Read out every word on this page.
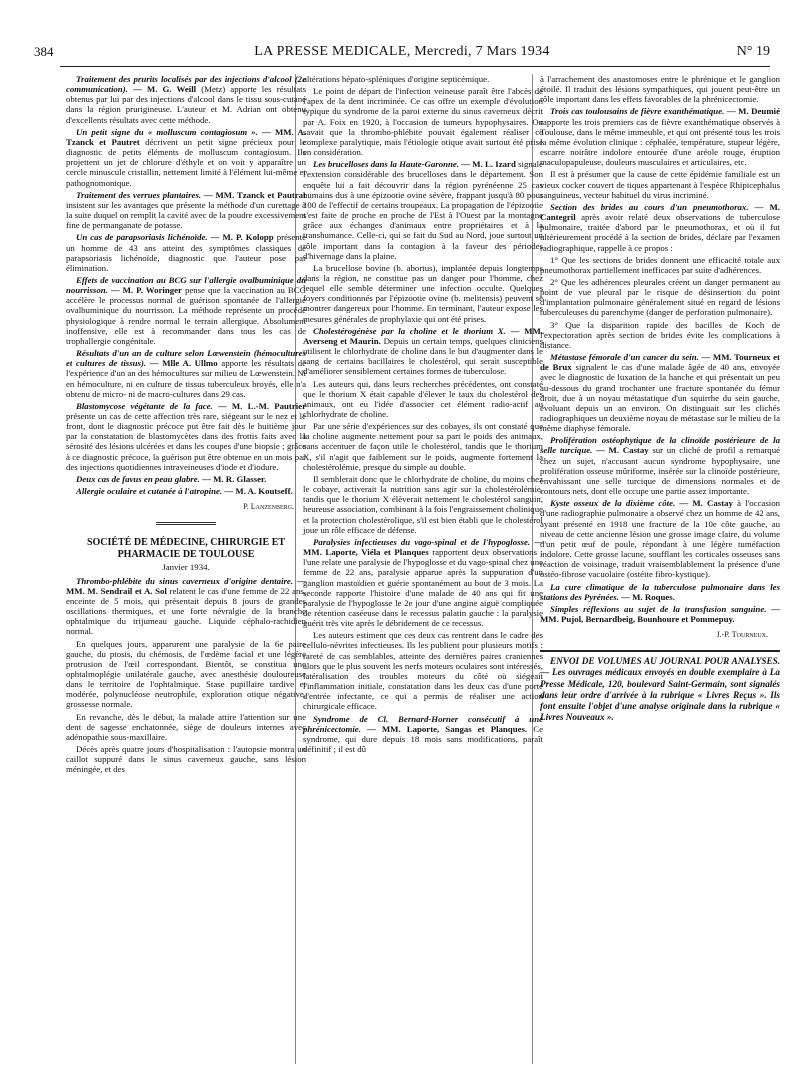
384	LA PRESSE MEDICALE, Mercredi, 7 Mars 1934	N° 19

Traitement des prurits localisés par des injections d'alcool (2e communication). — M. G. Weill (Metz) apporte les résultats obtenus par lui par des injections d'alcool dans le tissu sous-cutané dans la région prurigineuse. L'auteur et M. Adrian ont obtenu d'excellents résultats avec cette méthode.

Un petit signe du « molluscum contagiosum ». — MM. A. Tzanck et Pautret décrivent un petit signe précieux pour le diagnostic de petits éléments de molluscum contagiosum. Ils projettent un jet de chlorure d'éthyle et on voit y apparaître un cercle minuscule cristallin, nettement limité à l'élément lui-même et pathognomonique.

Traitement des verrues plantaires. — MM. Tzanck et Pautrat insistent sur les avantages que présente la méthode d'un curettage à la suite duquel on remplit la cavité avec de la poudre excessivement fine de permanganate de potasse.

Un cas de parapsoriasis lichénoïde. — M. P. Kolopp présente un homme de 43 ans atteint des symptômes classiques de parapsoriasis lichénoïde, diagnostic que l'auteur pose par élimination.

Effets de vaccination au BCG sur l'allergie ovalbuminique du nourrisson. — M. P. Woringer pense que la vaccination au BCG accélère le processus normal de guérison spontanée de l'allergie ovalbuminique du nourrisson. La méthode représente un procédé physiologique à rendre normal le terrain allergique. Absolument inoffensive, elle est à recommander dans tous les cas de trophallergie congénitale.

Résultats d'un an de culture selon Lœwenstein (hémocultures et cultures de tissus). — Mlle A. Ullmo apporte les résultats de l'expérience d'un an des hémocultures sur milieu de Lœwenstein. Ni en hémoculture, ni en culture de tissus tuberculeux broyés, elle n'a obtenu de micro- ni de macro-cultures dans 29 cas.

Blastomycose végétante de la face. — M. L.-M. Pautrier présente un cas de cette affection très rare, siégeant sur le nez et le front, dont le diagnostic précoce put être fait dès le huitième jour par la constatation de blastomycètes dans des frottis faits avec la sérosité des lésions ulcérées et dans les coupes d'une biopsie ; grâce à ce diagnostic précoce, la guérison put être obtenue en un mois par des injections quotidiennes intraveineuses d'iode et d'iodure.

Deux cas de favus en peau glabre. — M. R. Glasser.

Allergie oculaire et cutanée à l'atropine. — M. A. Koutseff.

P. Lanzenberg.
SOCIÉTÉ DE MÉDECINE, CHIRURGIE ET PHARMACIE DE TOULOUSE
Janvier 1934.

Thrombo-phlébite du sinus caverneux d'origine dentaire. — MM. M. Sendrail et A. Sol relatent le cas d'une femme de 22 ans, enceinte de 5 mois, qui présentait depuis 8 jours de grandes oscillations thermiques, et une forte névralgie de la branche ophtalmique du trijumeau gauche. Liquide céphalo-rachidien normal.

En quelques jours, apparurent une paralysie de la 6e paire gauche, du ptosis, du chémosis, de l'œdème facial et une légère protrusion de l'œil correspondant. Bientôt, se constitua une ophtalmoplégie unilatérale gauche, avec anesthésie douloureuse dans le territoire de l'ophtalmique. Stase pupillaire tardive et modérée, polynucléose neutrophile, exploration otique négative, grossesse normale.

En revanche, dès le début, la malade attire l'attention sur une dent de sagesse enchatonnée, siège de douleurs internes avec adénopathie sous-maxillaire.

Décès après quatre jours d'hospitalisation : l'autopsie montra un caillot suppuré dans le sinus caverneux gauche, sans lésion méningée, et des

altérations hépato-spléniques d'origine septicémique.

Le point de départ de l'infection veineuse paraît être l'abcès de l'apex de la dent incriminée. Ce cas offre un exemple d'évolution typique du syndrome de la paroi externe du sinus caverneux décrit par A. Foix en 1920, à l'occasion de tumeurs hypophysaires. On savait que la thrombo-phlébite pouvait également réaliser ce complexe paralytique, mais l'étiologie otique avait surtout été prise en considération.

Les brucelloses dans la Haute-Garonne. — M. L. Izard signale l'extension considérable des brucelloses dans le département. Son enquête lui a fait découvrir dans la région pyrénéenne 25 cas humains dus à une épizootie ovine sévère, frappant jusqu'à 80 pour 100 de l'effectif de certains troupeaux. La propagation de l'épizootie s'est faite de proche en proche de l'Est à l'Ouest par la montagne grâce aux échanges d'animaux entre propriétaires et à la transhumance. Celle-ci, qui se fait du Sud au Nord, joue surtout un rôle important dans la contagion à la faveur des périodes d'hivernage dans la plaine.

La brucellose bovine (b. abortus), implantée depuis longtemps dans la région, ne constitue pas un danger pour l'homme, chez lequel elle semble déterminer une infection occulte. Quelques foyers conditionnés par l'épizootie ovine (b. melitensis) peuvent se montrer dangereux pour l'homme. En terminant, l'auteur expose les mesures générales de prophylaxie qui ont été prises.

Cholestérogénèse par la choline et le thorium X. — MM. Averseng et Maurin. Depuis un certain temps, quelques cliniciens utilisent le chlorhydrate de choline dans le but d'augmenter dans le sang de certains bacillaires le cholestérol, qui serait susceptible d'améliorer sensiblement certaines formes de tuberculose.

Les auteurs qui, dans leurs recherches précédentes, ont constaté que le thorium X était capable d'élever le taux du cholestérol des animaux, ont eu l'idée d'associer cet élément radio-actif au chlorhydrate de choline.

Par une série d'expériences sur des cobayes, ils ont constaté que la choline augmente nettement pour sa part le poids des animaux, sans accentuer de façon utile le cholestérol, tandis que le thorium X, s'il n'agit que faiblement sur le poids, augmente fortement la cholestérolémie, presque du simple au double.

Il semblerait donc que le chlorhydrate de choline, du moins chez le cobaye, activerait la nutrition sans agir sur la cholestérolémie, tandis que le thorium X élèverait nettement le cholestérol sanguin, heureuse association, combinant à la fois l'engraissement cholinique et la protection cholestérolique, s'il est bien établi que le cholestérol joue un rôle efficace de défense.

Paralysies infectieuses du vago-spinal et de l'hypoglosse. — MM. Laporte, Viéla et Planques rapportent deux observations : l'une relate une paralysie de l'hypoglosse et du vago-spinal chez une femme de 22 ans, paralysie apparue après la suppuration d'un ganglion mastoïdien et guérie spontanément au bout de 3 mois. La seconde rapporte l'histoire d'une malade de 40 ans qui fit une paralysie de l'hypoglosse le 2e jour d'une angine aiguë compliquée de rétention caséeuse dans le recessus palatin gauche : la paralysie guérit très vite après le débridement de ce recessus.

Les auteurs estiment que ces deux cas rentrent dans le cadre des cellulo-névrites infectieuses. Ils les publient pour plusieurs motifs : rareté de cas semblables, atteinte des dernières paires craniennes alors que le plus souvent les nerfs moteurs oculaires sont intéressés, latéralisation des troubles moteurs du côté où siégeait l'inflammation initiale, constatation dans les deux cas d'une porte d'entrée infectante, ce qui a permis de réaliser une action chirurgicale efficace.

Syndrome de Cl. Bernard-Horner consécutif à une phrénicectomie. — MM. Laporte, Sangas et Planques. Ce syndrome, qui dure depuis 18 mois sans modifications, paraît définitif ; il est dû

à l'arrachement des anastomoses entre le phrénique et le ganglion étoilé. Il traduit des lésions sympathiques, qui jouent peut-être un rôle important dans les effets favorables de la phrénicectomie.

Trois cas toulousains de fièvre exanthématique. — M. Deumié rapporte les trois premiers cas de fièvre exanthématique observés à Toulouse, dans le même immeuble, et qui ont présenté tous les trois la même évolution clinique : céphalée, température, stupeur légère, escarre noirâtre indolore entourée d'une aréole rouge, éruption maculopapuleuse, douleurs musculaires et articulaires, etc.

Il est à présumer que la cause de cette épidémie familiale est un vieux cocker couvert de tiques appartenant à l'espèce Rhipicephalus sanguineus, vecteur habituel du virus incriminé.

Section des brides au cours d'un pneumothorax. — M. Cantegril après avoir relaté deux observations de tuberculose pulmonaire, traitée d'abord par le pneumothorax, et où il fut ultérieurement procédé à la section de brides, déclare par l'examen radiographique, rappelle à ce propos :

1° Que les sections de brides donnent une efficacité totale aux pneumothorax partiellement inefficaces par suite d'adhérences.

2° Que les adhérences pleurales créent un danger permanent au point de vue pleural par le risque de désinsertion du point d'implantation pulmonaire généralement situé en regard de lésions tuberculeuses du parenchyme (danger de perforation pulmonaire).

3° Que la disparition rapide des bacilles de Koch de l'expectoration après section de brides évite les complications à distance.

Métastase fémorale d'un cancer du sein. — MM. Tourneux et de Brux signalent le cas d'une malade âgée de 40 ans, envoyée avec le diagnostic de luxation de la hanche et qui présentait un peu au-dessous du grand trochanter une fracture spontanée du fémur droit, due à un noyau métastatique d'un squirrhe du sein gauche, évoluant depuis un an environ. On distinguait sur les clichés radiographiques un deuxième noyau de métastase sur le milieu de la même diaphyse fémorale.

Prolifération ostéophytique de la clinoïde postérieure de la selle turcique. — M. Castay sur un cliché de profil a remarqué chez un sujet, n'accusant aucun syndrome hypophysaire, une prolifération osseuse mûriforme, insérée sur la clinoïde postérieure, envahissant une selle turcique de dimensions normales et de contours nets, dont elle occupe une partie assez importante.

Kyste osseux de la dixième côte. — M. Castay à l'occasion d'une radiographie pulmonaire a observé chez un homme de 42 ans, ayant présenté en 1918 une fracture de la 10e côte gauche, au niveau de cette ancienne lésion une grosse image claire, du volume d'un petit œuf de poule, répondant à une légère tuméfaction indolore. Cette grosse lacune, soufflant les corticales osseuses sans réaction de voisinage, traduit vraisemblablement la présence d'une ostéo-fibrose vacuolaire (ostéite fibro-kystique).

La cure climatique de la tuberculose pulmonaire dans les stations des Pyrénées. — M. Roques.

Simples réflexions au sujet de la transfusion sanguine. — MM. Pujol, Bernardbeig, Bounhoure et Pommepuy.

J.-P. Tourneux.

ENVOI DE VOLUMES AU JOURNAL POUR ANALYSES. — Les ouvrages médicaux envoyés en double exemplaire à La Presse Médicale, 120, boulevard Saint-Germain, sont signalés dans leur ordre d'arrivée à la rubrique « Livres Reçus ». Ils font ensuite l'objet d'une analyse originale dans la rubrique « Livres Nouveaux ».
